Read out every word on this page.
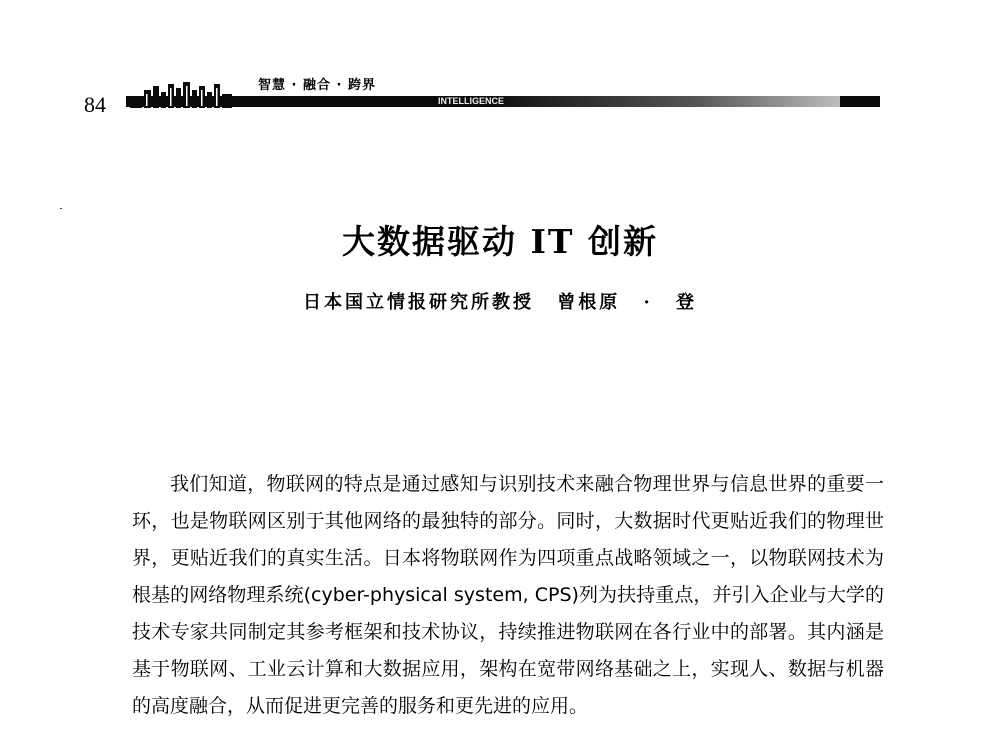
84
智慧 · 融合 · 跨界
INTELLIGENCE
大数据驱动 IT 创新
日本国立情报研究所教授 曾根原 · 登

我们知道，物联网的特点是通过感知与识别技术来融合物理世界与信息世界的重要一环，也是物联网区别于其他网络的最独特的部分。同时，大数据时代更贴近我们的物理世界，更贴近我们的真实生活。日本将物联网作为四项重点战略领域之一，以物联网技术为根基的网络物理系统(cyber-physical system, CPS)列为扶持重点，并引入企业与大学的技术专家共同制定其参考框架和技术协议，持续推进物联网在各行业中的部署。其内涵是基于物联网、工业云计算和大数据应用，架构在宽带网络基础之上，实现人、数据与机器的高度融合，从而促进更完善的服务和更先进的应用。
